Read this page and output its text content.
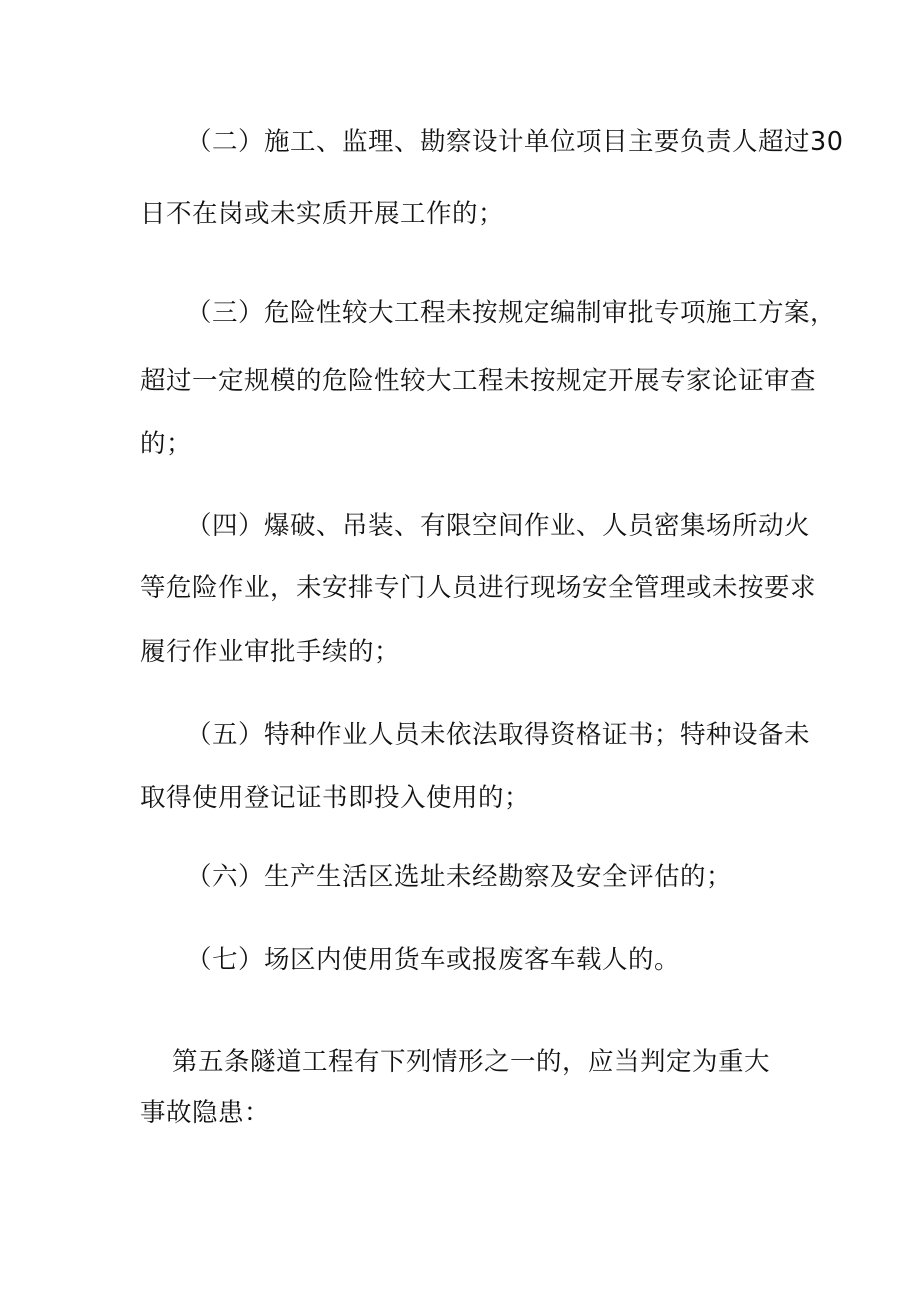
（二）施工、监理、勘察设计单位项目主要负责人超过30
日不在岗或未实质开展工作的；
（三）危险性较大工程未按规定编制审批专项施工方案，
超过一定规模的危险性较大工程未按规定开展专家论证审查
的；
（四）爆破、吊装、有限空间作业、人员密集场所动火
等危险作业，未安排专门人员进行现场安全管理或未按要求
履行作业审批手续的；
（五）特种作业人员未依法取得资格证书；特种设备未
取得使用登记证书即投入使用的；
（六）生产生活区选址未经勘察及安全评估的；
（七）场区内使用货车或报废客车载人的。
第五条隧道工程有下列情形之一的，应当判定为重大
事故隐患：
